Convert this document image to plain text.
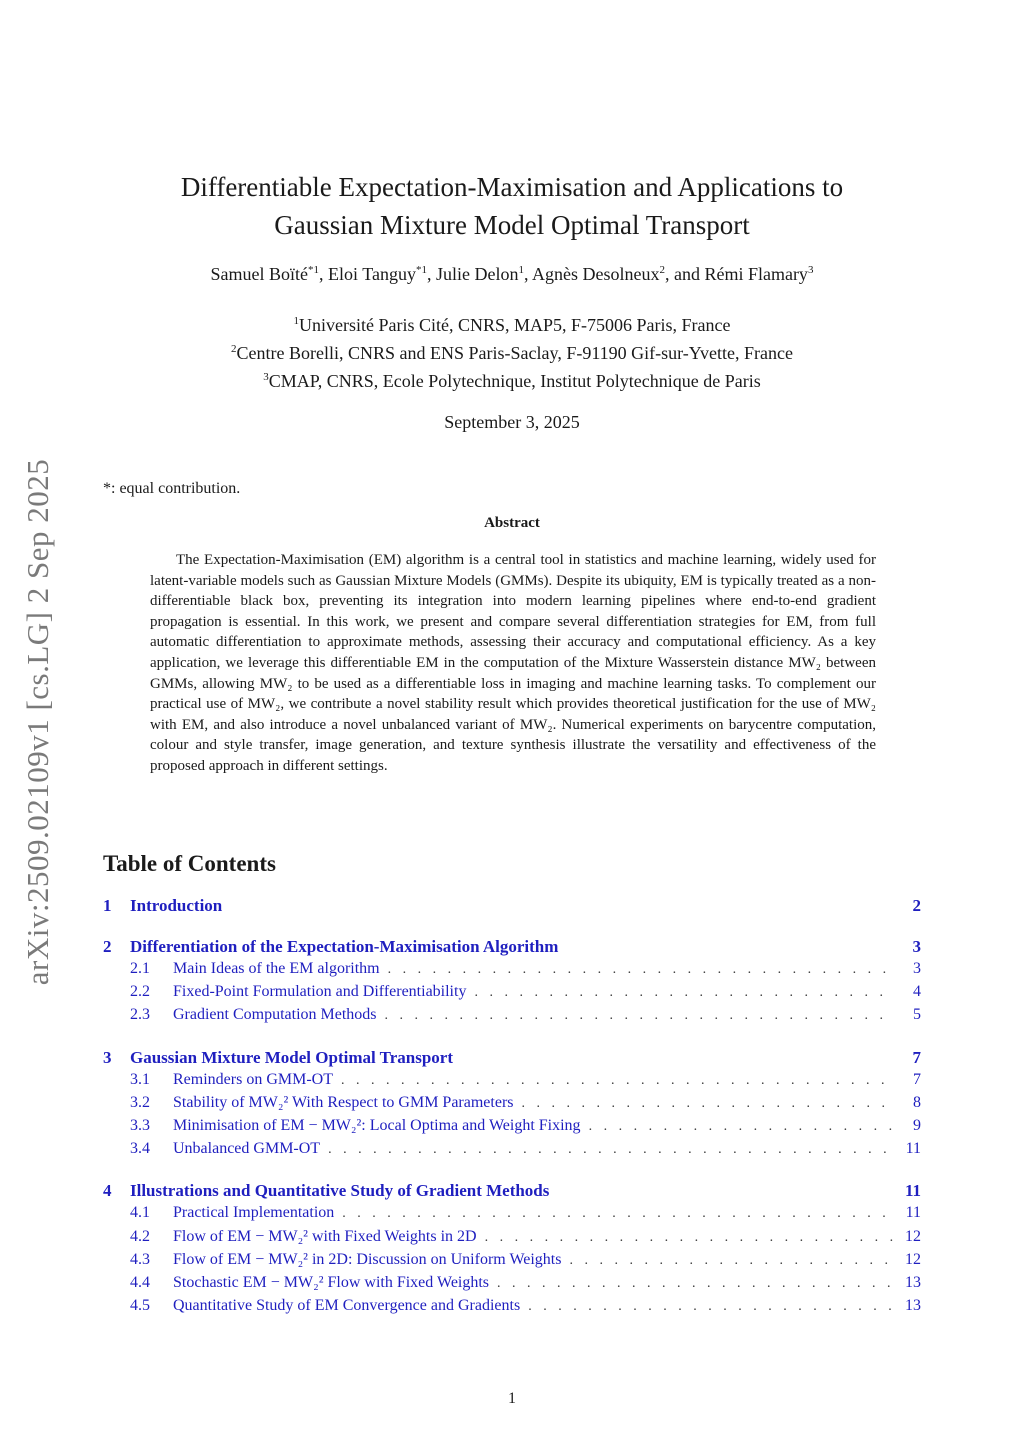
arXiv:2509.02109v1 [cs.LG] 2 Sep 2025
Differentiable Expectation-Maximisation and Applications to
Gaussian Mixture Model Optimal Transport
Samuel Boïté$^{*1}$, Eloi Tanguy$^{*1}$, Julie Delon$^1$, Agnès Desolneux$^2$, and Rémi Flamary$^3$
$^1$Université Paris Cité, CNRS, MAP5, F-75006 Paris, France
$^2$Centre Borelli, CNRS and ENS Paris-Saclay, F-91190 Gif-sur-Yvette, France
$^3$CMAP, CNRS, Ecole Polytechnique, Institut Polytechnique de Paris
September 3, 2025
*: equal contribution.
Abstract

The Expectation-Maximisation (EM) algorithm is a central tool in statistics and machine learning, widely used for latent-variable models such as Gaussian Mixture Models (GMMs). Despite its ubiquity, EM is typically treated as a non-differentiable black box, preventing its integration into modern learning pipelines where end-to-end gradient propagation is essential. In this work, we present and compare several differentiation strategies for EM, from full automatic differentiation to approximate methods, assessing their accuracy and computational efficiency. As a key application, we leverage this differentiable EM in the computation of the Mixture Wasserstein distance MW₂ between GMMs, allowing MW₂ to be used as a differentiable loss in imaging and machine learning tasks. To complement our practical use of MW₂, we contribute a novel stability result which provides theoretical justification for the use of MW₂ with EM, and also introduce a novel unbalanced variant of MW₂. Numerical experiments on barycentre computation, colour and style transfer, image generation, and texture synthesis illustrate the versatility and effectiveness of the proposed approach in different settings.

Table of Contents
1	Introduction	2
2	Differentiation of the Expectation-Maximisation Algorithm	3
2.1	Main Ideas of the EM algorithm . . .	3
2.2	Fixed-Point Formulation and Differentiability . . .	4
2.3	Gradient Computation Methods . . .	5
3	Gaussian Mixture Model Optimal Transport	7
3.1	Reminders on GMM-OT . . .	7
3.2	Stability of MW₂² With Respect to GMM Parameters . . .	8
3.3	Minimisation of EM − MW₂²: Local Optima and Weight Fixing . . .	9
3.4	Unbalanced GMM-OT . . .	11
4	Illustrations and Quantitative Study of Gradient Methods	11
4.1	Practical Implementation . . .	11
4.2	Flow of EM − MW₂² with Fixed Weights in 2D . . .	12
4.3	Flow of EM − MW₂² in 2D: Discussion on Uniform Weights . . .	12
4.4	Stochastic EM − MW₂² Flow with Fixed Weights . . .	13
4.5	Quantitative Study of EM Convergence and Gradients . . .	13
1
